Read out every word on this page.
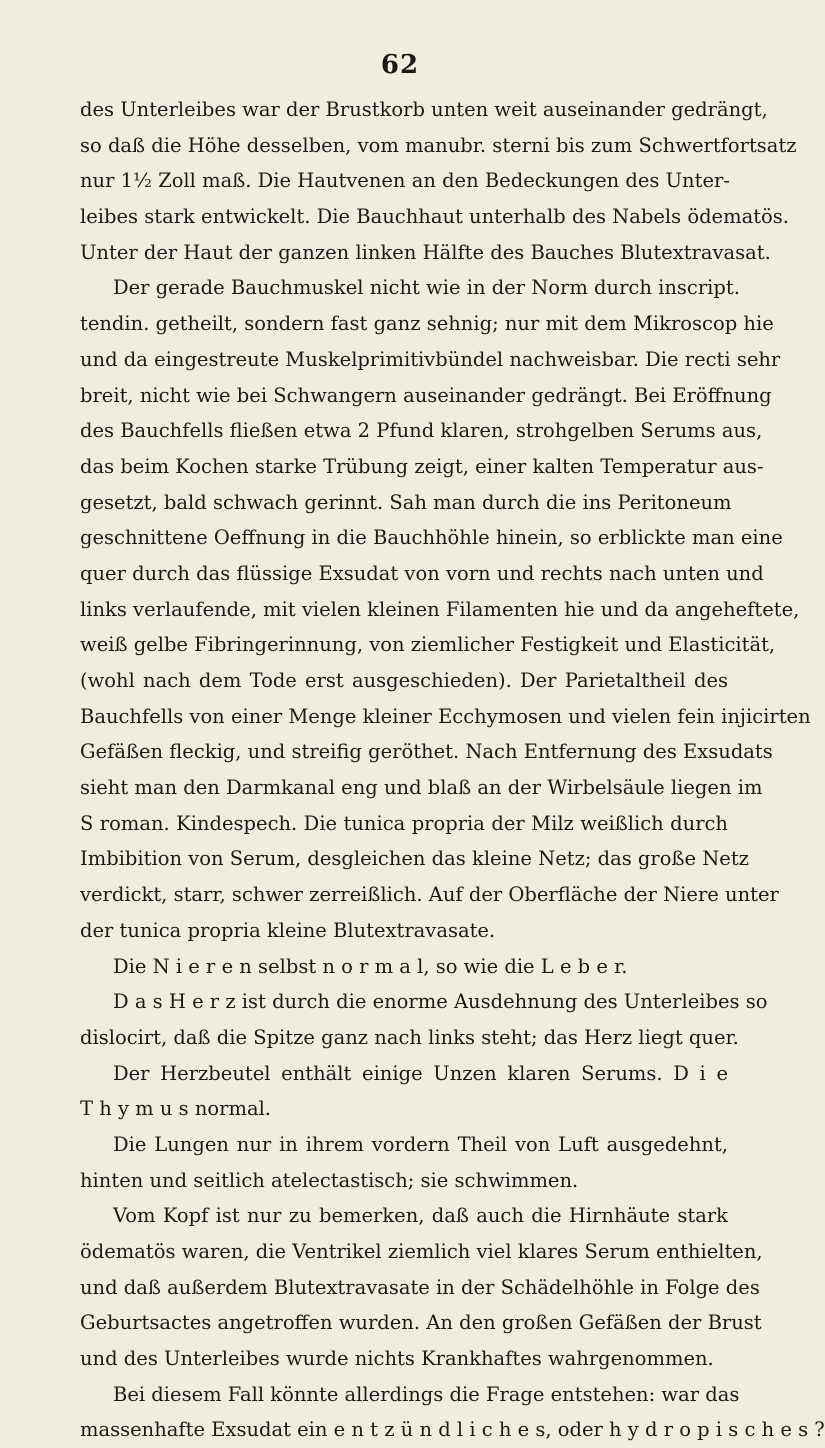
62
des Unterleibes war der Brustkorb unten weit auseinander gedrängt,
so daß die Höhe desselben, vom manubr. sterni bis zum Schwertfortsatz
nur 1½ Zoll maß. Die Hautvenen an den Bedeckungen des Unter-
leibes stark entwickelt. Die Bauchhaut unterhalb des Nabels ödematös.
Unter der Haut der ganzen linken Hälfte des Bauches Blutextravasat.
Der gerade Bauchmuskel nicht wie in der Norm durch inscript.
tendin. getheilt, sondern fast ganz sehnig; nur mit dem Mikroscop hie
und da eingestreute Muskelprimitivbündel nachweisbar. Die recti sehr
breit, nicht wie bei Schwangern auseinander gedrängt. Bei Eröffnung
des Bauchfells fließen etwa 2 Pfund klaren, strohgelben Serums aus,
das beim Kochen starke Trübung zeigt, einer kalten Temperatur aus-
gesetzt, bald schwach gerinnt. Sah man durch die ins Peritoneum
geschnittene Oeffnung in die Bauchhöhle hinein, so erblickte man eine
quer durch das flüssige Exsudat von vorn und rechts nach unten und
links verlaufende, mit vielen kleinen Filamenten hie und da angeheftete,
weiß gelbe Fibringerinnung, von ziemlicher Festigkeit und Elasticität,
(wohl nach dem Tode erst ausgeschieden). Der Parietaltheil des
Bauchfells von einer Menge kleiner Ecchymosen und vielen fein injicirten
Gefäßen fleckig, und streifig geröthet. Nach Entfernung des Exsudats
sieht man den Darmkanal eng und blaß an der Wirbelsäule liegen im
S roman. Kindespech. Die tunica propria der Milz weißlich durch
Imbibition von Serum, desgleichen das kleine Netz; das große Netz
verdickt, starr, schwer zerreißlich. Auf der Oberfläche der Niere unter
der tunica propria kleine Blutextravasate.
Die N i e r e n selbst n o r m a l, so wie die L e b e r.
D a s H e r z ist durch die enorme Ausdehnung des Unterleibes so
dislocirt, daß die Spitze ganz nach links steht; das Herz liegt quer.
Der Herzbeutel enthält einige Unzen klaren Serums. D i e
T h y m u s normal.
Die Lungen nur in ihrem vordern Theil von Luft ausgedehnt,
hinten und seitlich atelectastisch; sie schwimmen.
Vom Kopf ist nur zu bemerken, daß auch die Hirnhäute stark
ödematös waren, die Ventrikel ziemlich viel klares Serum enthielten,
und daß außerdem Blutextravasate in der Schädelhöhle in Folge des
Geburtsactes angetroffen wurden. An den großen Gefäßen der Brust
und des Unterleibes wurde nichts Krankhaftes wahrgenommen.
Bei diesem Fall könnte allerdings die Frage entstehen: war das
massenhafte Exsudat ein e n t z ü n d l i c h e s, oder h y d r o p i s c h e s ?
